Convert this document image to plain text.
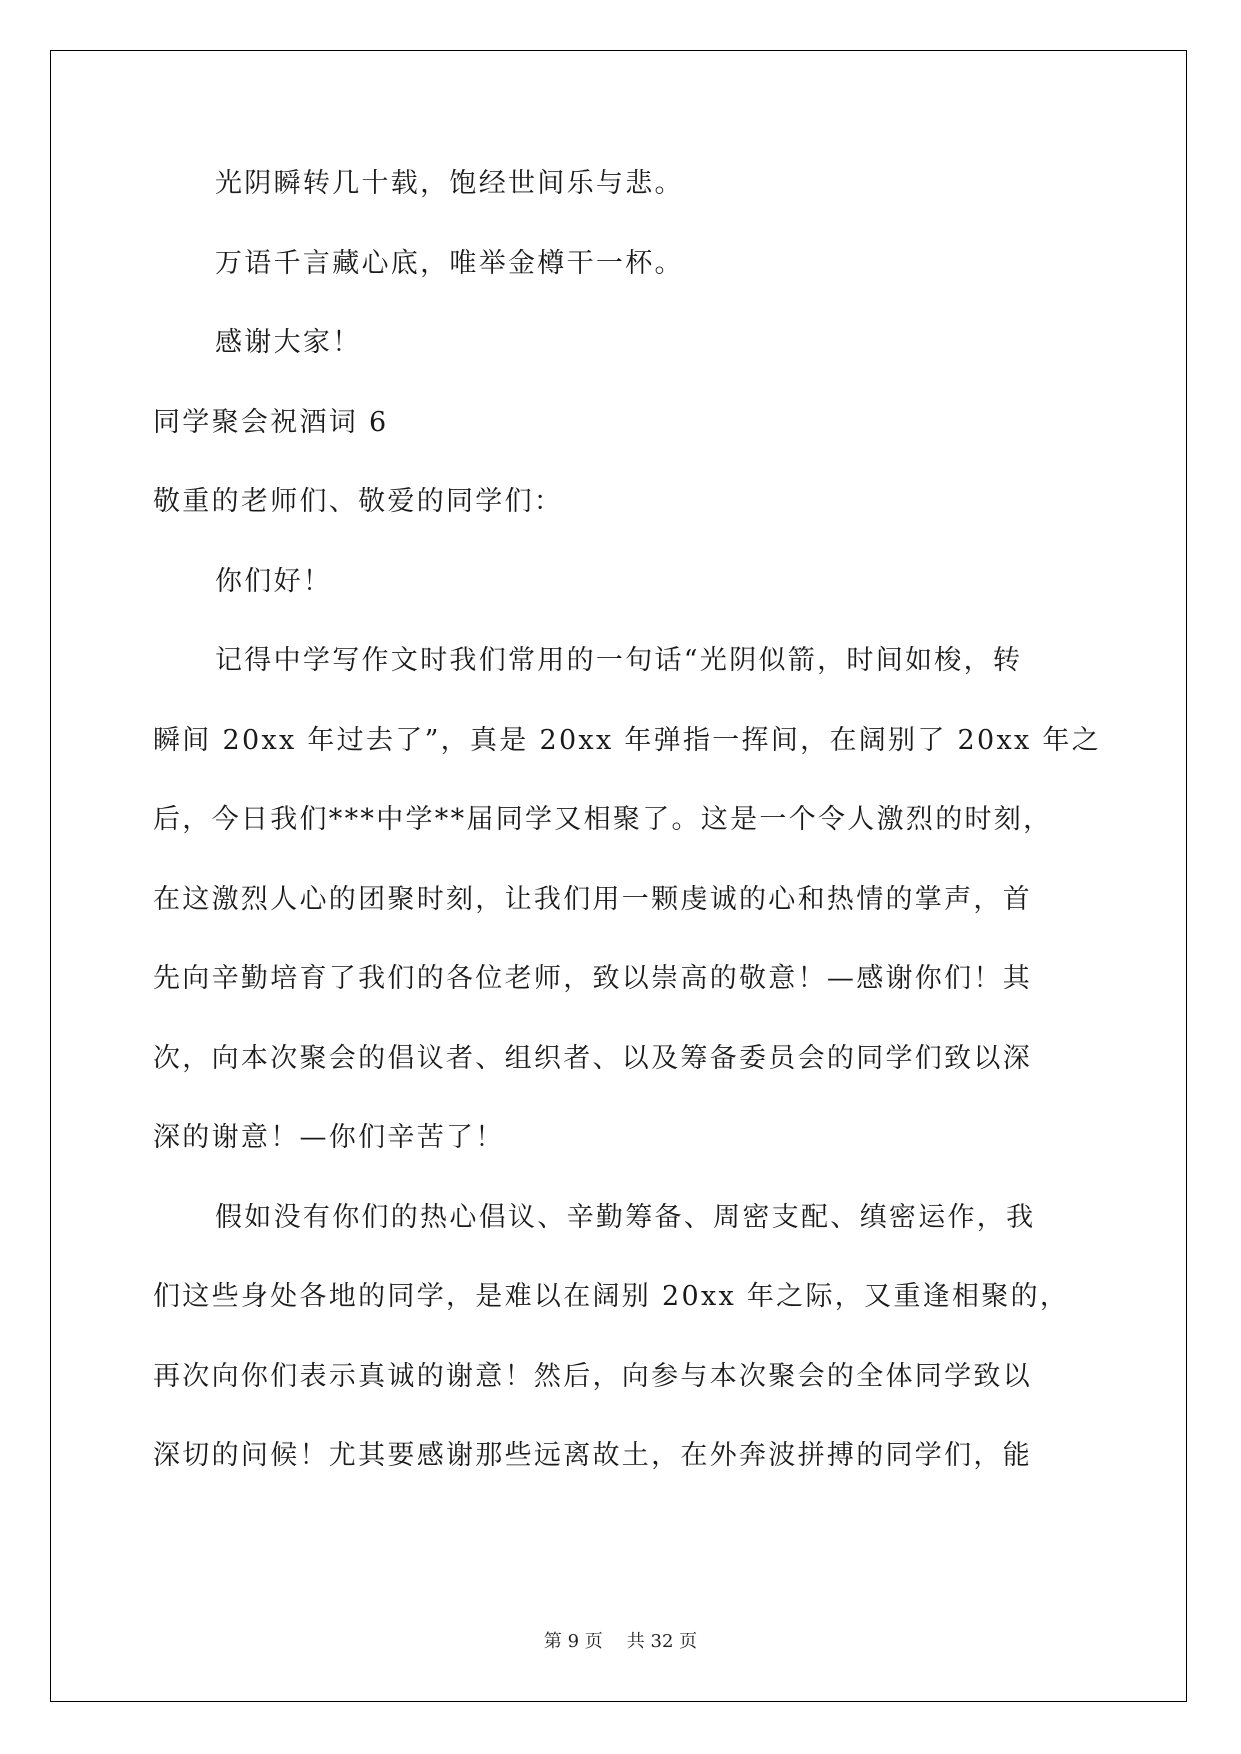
光阴瞬转几十载，饱经世间乐与悲。
万语千言藏心底，唯举金樽干一杯。
感谢大家！
同学聚会祝酒词 6
敬重的老师们、敬爱的同学们：
你们好！
记得中学写作文时我们常用的一句话“光阴似箭，时间如梭，转
瞬间 20xx 年过去了”，真是 20xx 年弹指一挥间，在阔别了 20xx 年之
后，今日我们***中学**届同学又相聚了。这是一个令人激烈的时刻，
在这激烈人心的团聚时刻，让我们用一颗虔诚的心和热情的掌声，首
先向辛勤培育了我们的各位老师，致以崇高的敬意！—感谢你们！其
次，向本次聚会的倡议者、组织者、以及筹备委员会的同学们致以深
深的谢意！—你们辛苦了！
假如没有你们的热心倡议、辛勤筹备、周密支配、缜密运作，我
们这些身处各地的同学，是难以在阔别 20xx 年之际，又重逢相聚的，
再次向你们表示真诚的谢意！然后，向参与本次聚会的全体同学致以
深切的问候！尤其要感谢那些远离故土，在外奔波拼搏的同学们，能
第 9 页 共 32 页
